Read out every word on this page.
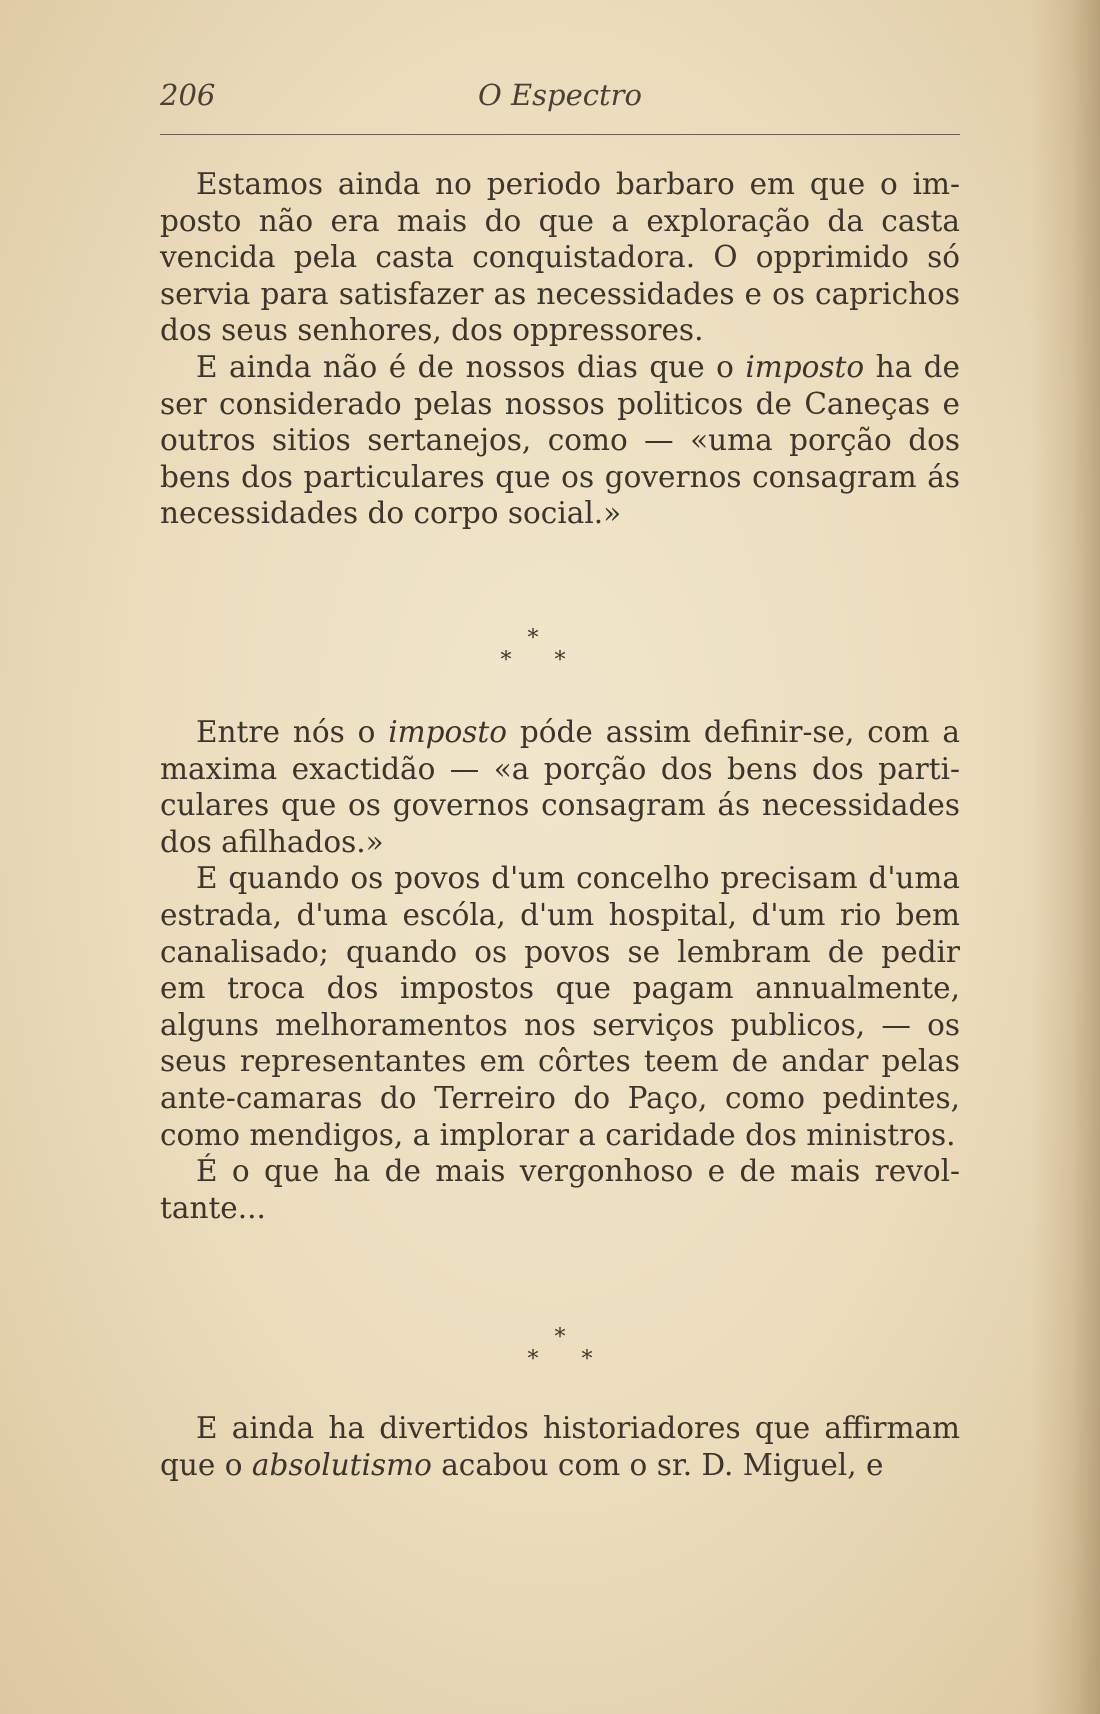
206	O Espectro

Estamos ainda no periodo barbaro em que o imposto não era mais do que a exploração da casta vencida pela casta conquistadora. O opprimido só servia para satisfazer as necessidades e os caprichos dos seus senhores, dos oppressores.

E ainda não é de nossos dias que o imposto ha de ser considerado pelas nossos politicos de Caneças e outros sitios sertanejos, como — «uma porção dos bens dos particulares que os governos consagram ás necessidades do corpo social.»

*
* *

Entre nós o imposto póde assim definir-se, com a maxima exactidão — «a porção dos bens dos particulares que os governos consagram ás necessidades dos afilhados.»

E quando os povos d'um concelho precisam d'uma estrada, d'uma escóla, d'um hospital, d'um rio bem canalisado; quando os povos se lembram de pedir em troca dos impostos que pagam annualmente, alguns melhoramentos nos serviços publicos, — os seus representantes em côrtes teem de andar pelas ante-camaras do Terreiro do Paço, como pedintes, como mendigos, a implorar a caridade dos ministros.

É o que ha de mais vergonhoso e de mais revoltante...

*
* *

E ainda ha divertidos historiadores que affirmam que o absolutismo acabou com o sr. D. Miguel, e
